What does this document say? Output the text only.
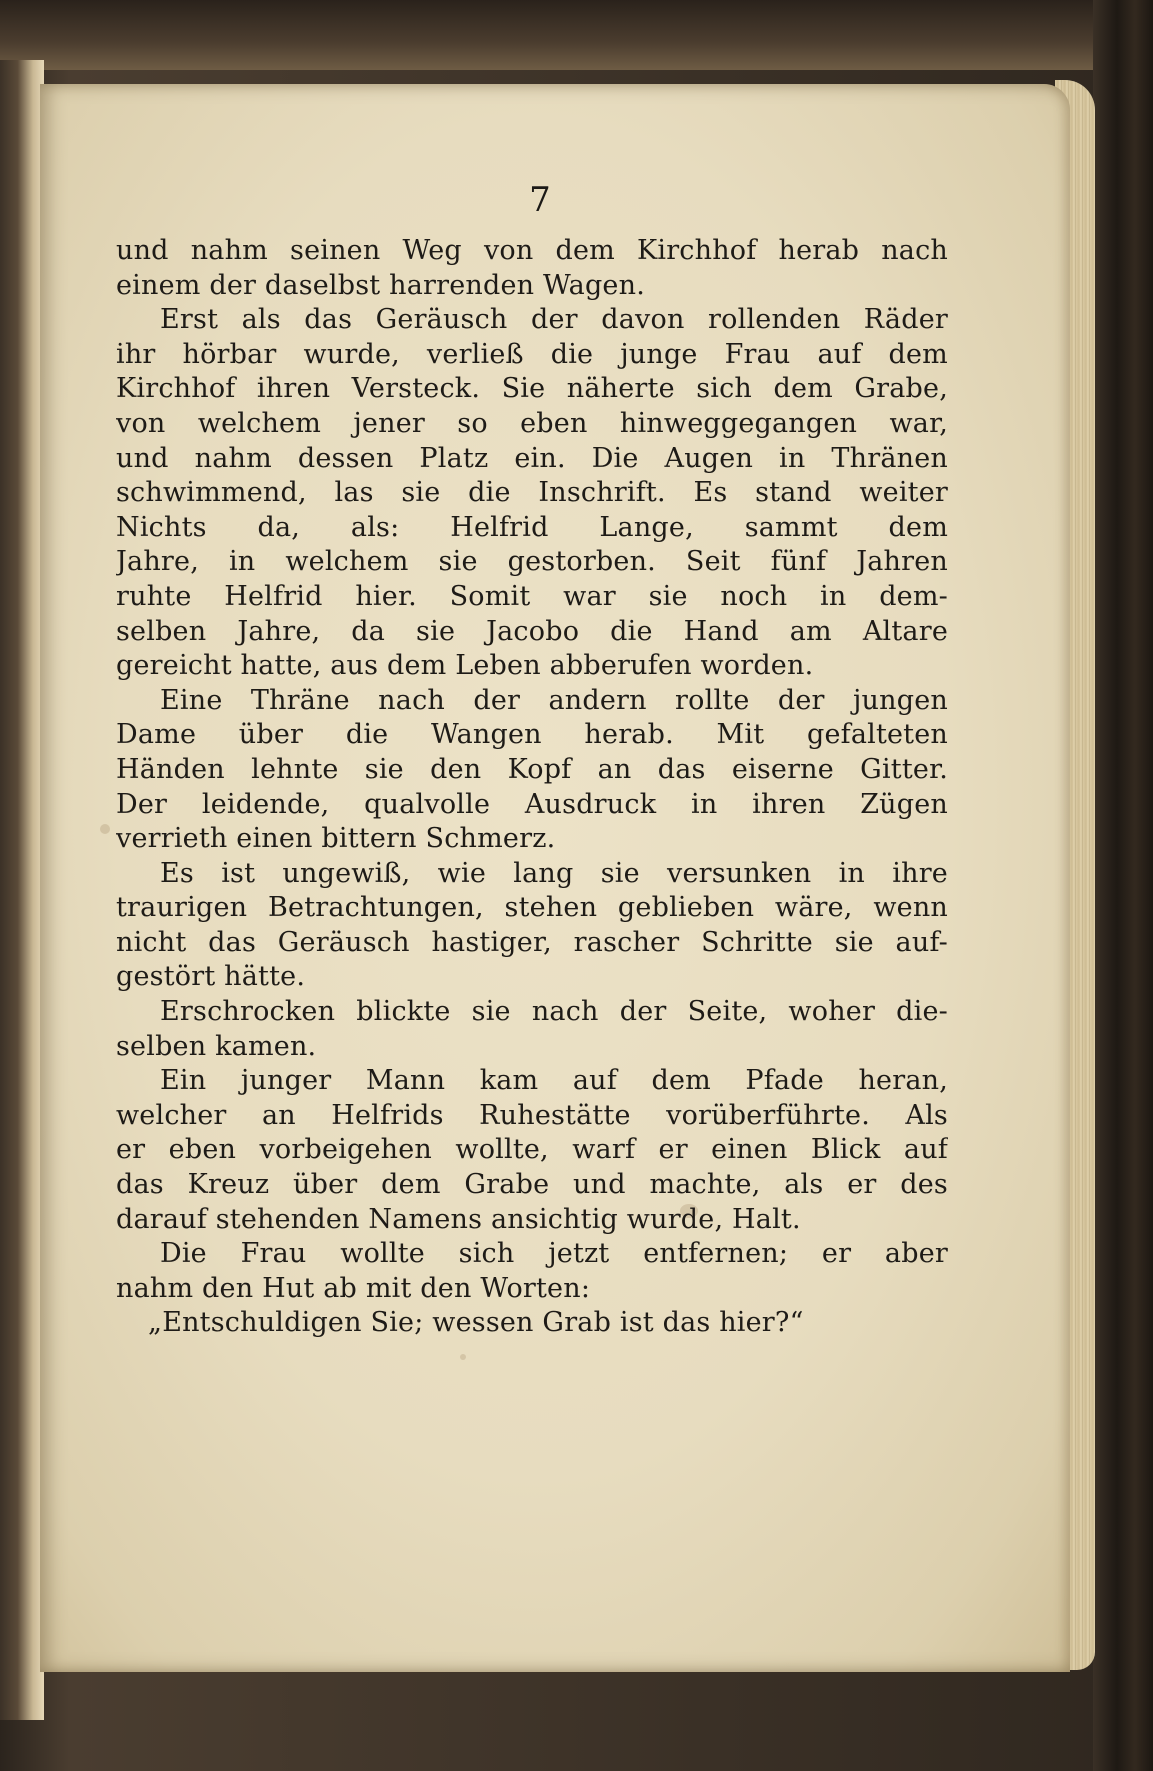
7
und nahm seinen Weg von dem Kirchhof herab nach
einem der daselbst harrenden Wagen.
Erst als das Geräusch der davon rollenden Räder
ihr hörbar wurde, verließ die junge Frau auf dem
Kirchhof ihren Versteck. Sie näherte sich dem Grabe,
von welchem jener so eben hinweggegangen war,
und nahm dessen Platz ein. Die Augen in Thränen
schwimmend, las sie die Inschrift. Es stand weiter
Nichts da, als: Helfrid Lange, sammt dem
Jahre, in welchem sie gestorben. Seit fünf Jahren
ruhte Helfrid hier. Somit war sie noch in dem-
selben Jahre, da sie Jacobo die Hand am Altare
gereicht hatte, aus dem Leben abberufen worden.
Eine Thräne nach der andern rollte der jungen
Dame über die Wangen herab. Mit gefalteten
Händen lehnte sie den Kopf an das eiserne Gitter.
Der leidende, qualvolle Ausdruck in ihren Zügen
verrieth einen bittern Schmerz.
Es ist ungewiß, wie lang sie versunken in ihre
traurigen Betrachtungen, stehen geblieben wäre, wenn
nicht das Geräusch hastiger, rascher Schritte sie auf-
gestört hätte.
Erschrocken blickte sie nach der Seite, woher die-
selben kamen.
Ein junger Mann kam auf dem Pfade heran,
welcher an Helfrids Ruhestätte vorüberführte. Als
er eben vorbeigehen wollte, warf er einen Blick auf
das Kreuz über dem Grabe und machte, als er des
darauf stehenden Namens ansichtig wurde, Halt.
Die Frau wollte sich jetzt entfernen; er aber
nahm den Hut ab mit den Worten:
„Entschuldigen Sie; wessen Grab ist das hier?“
